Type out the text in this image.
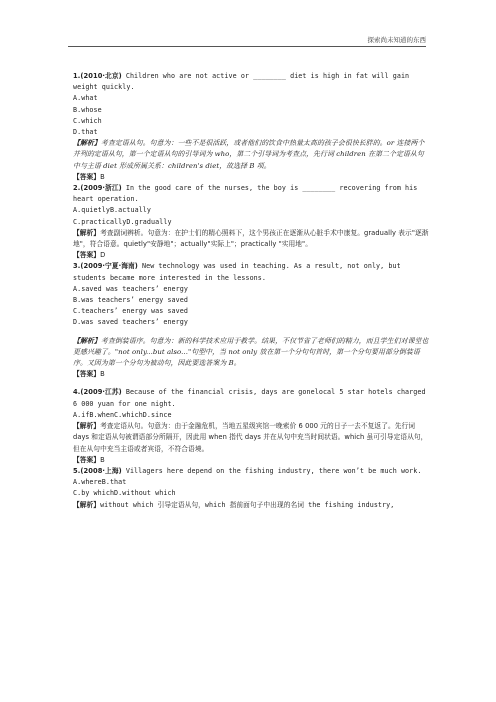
探索尚未知道的东西

1.(2010·北京) Children who are not active or ________ diet is high in fat will gain weight quickly.

A.what

B.whose

C.which

D.that

【解析】考查定语从句。句意为：一些不是很活跃，或者他们的饮食中热量太高的孩子会很快长胖的。or 连接两个并列的定语从句，第一个定语从句的引导词为 who，第二个引导词为考查点，先行词 children 在第二个定语从句中与主语 diet 形成所属关系：children's diet，故选择 B 项。

【答案】B

2.(2009·浙江) In the good care of the nurses, the boy is ________ recovering from his heart operation.

A.quietlyB.actually

C.practicallyD.gradually

【解析】考查副词辨析。句意为：在护士们的精心照料下，这个男孩正在逐渐从心脏手术中康复。gradually 表示"逐渐地"，符合语意。quietly"安静地"；actually"实际上"；practically "实用地"。

【答案】D

3.(2009·宁夏·海南) New technology was used in teaching. As a result, not only, but students became more interested in the lessons.

A.saved was teachers’ energy

B.was teachers’ energy saved

C.teachers’ energy was saved

D.was saved teachers’ energy

【解析】考查倒装语序。句意为：新的科学技术应用于教学。结果，不仅节省了老师们的精力，而且学生们对课堂也更感兴趣了。"not only...but also..."句型中，当 not only 放在第一个分句句首时，第一个分句要用部分倒装语序。又因为第一个分句为被动句，因此要选答案为 B。

【答案】B

4.(2009·江苏) Because of the financial crisis, days are gonelocal 5 star hotels charged 6 000 yuan for one night.

A.ifB.whenC.whichD.since

【解析】考查定语从句。句意为：由于金融危机，当地五星级宾馆一晚索价 6 000 元的日子一去不复返了。先行词 days 和定语从句被谓语部分所隔开，因此用 when 指代 days 并在从句中充当时间状语。which 虽可引导定语从句，但在从句中充当主语或者宾语，不符合语境。

【答案】B

5.(2008·上海) Villagers here depend on the fishing industry, there won’t be much work.

A.whereB.that

C.by whichD.without which

【解析】without which 引导定语从句，which 指前面句子中出现的名词 the fishing industry,
